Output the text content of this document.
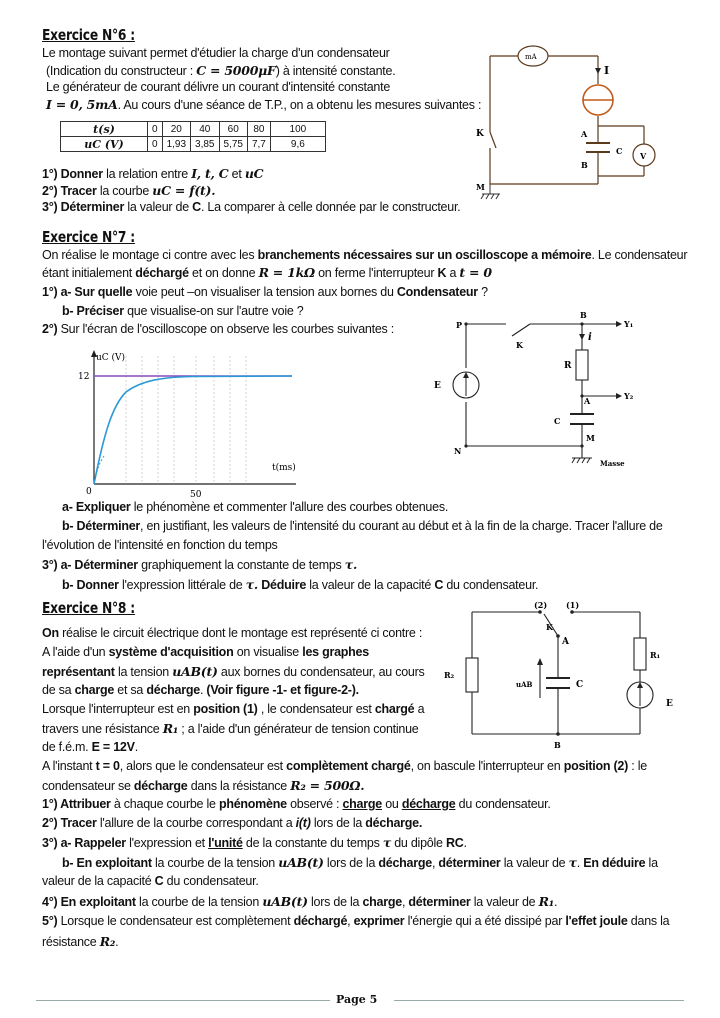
Exercice N°6 :
Le montage suivant permet d'étudier la charge d'un condensateur
(Indication du constructeur : C = 5000μF) à intensité constante.
Le générateur de courant délivre un courant d'intensité constante
I = 0, 5mA. Au cours d'une séance de T.P., on a obtenu les mesures suivantes :
t(s)	0	20	40	60	80	100
uC (V)	0	1,93	3,85	5,75	7,7	9,6
1°) Donner la relation entre I, t, C et uC
2°) Tracer la courbe uC = f(t).
3°) Déterminer la valeur de C. La comparer à celle donnée par le constructeur.
mA
I
K	A
B
C V
M
Exercice N°7 :
On réalise le montage ci contre avec les branchements nécessaires sur un oscilloscope a mémoire. Le condensateur
étant initialement déchargé et on donne R = 1kΩ on ferme l'interrupteur K a t = 0
1°) a- Sur quelle voie peut –on visualiser la tension aux bornes du Condensateur ?
b- Préciser que visualise-on sur l'autre voie ?
2°) Sur l'écran de l'oscilloscope on observe les courbes suivantes :
uC (V)
12
t(ms)
0	50
P
B
Y₁
K
i
R
E
Y₂
A
C
M
N
Masse
a- Expliquer le phénomène et commenter l'allure des courbes obtenues.
b- Déterminer, en justifiant, les valeurs de l'intensité du courant au début et à la fin de la charge. Tracer l'allure de
l'évolution de l'intensité en fonction du temps
3°) a- Déterminer graphiquement la constante de temps τ.
b- Donner l'expression littérale de τ. Déduire la valeur de la capacité C du condensateur.
Exercice N°8 :
On réalise le circuit électrique dont le montage est représenté ci contre :
A l'aide d'un système d'acquisition on visualise les graphes
représentant la tension uAB(t) aux bornes du condensateur, au cours
de sa charge et sa décharge. (Voir figure -1- et figure-2-).
Lorsque l'interrupteur est en position (1) , le condensateur est chargé a
travers une résistance R₁ ; a l'aide d'un générateur de tension continue
de f.é.m. E = 12V.
A l'instant t = 0, alors que le condensateur est complètement chargé, on bascule l'interrupteur en position (2) : le
condensateur se décharge dans la résistance R₂ = 500Ω.
1°) Attribuer à chaque courbe le phénomène observé : charge ou décharge du condensateur.
2°) Tracer l'allure de la courbe correspondant a i(t) lors de la décharge.
3°) a- Rappeler l'expression et l'unité de la constante du temps τ du dipôle RC.
b- En exploitant la courbe de la tension uAB(t) lors de la décharge, déterminer la valeur de τ. En déduire la
valeur de la capacité C du condensateur.
4°) En exploitant la courbe de la tension uAB(t) lors de la charge, déterminer la valeur de R₁.
5°) Lorsque le condensateur est complètement déchargé, exprimer l'énergie qui a été dissipé par l'effet joule dans la
résistance R₂.
(2) (1)
K
A
R₂
uAB	C
R₁
E
B
Page 5
